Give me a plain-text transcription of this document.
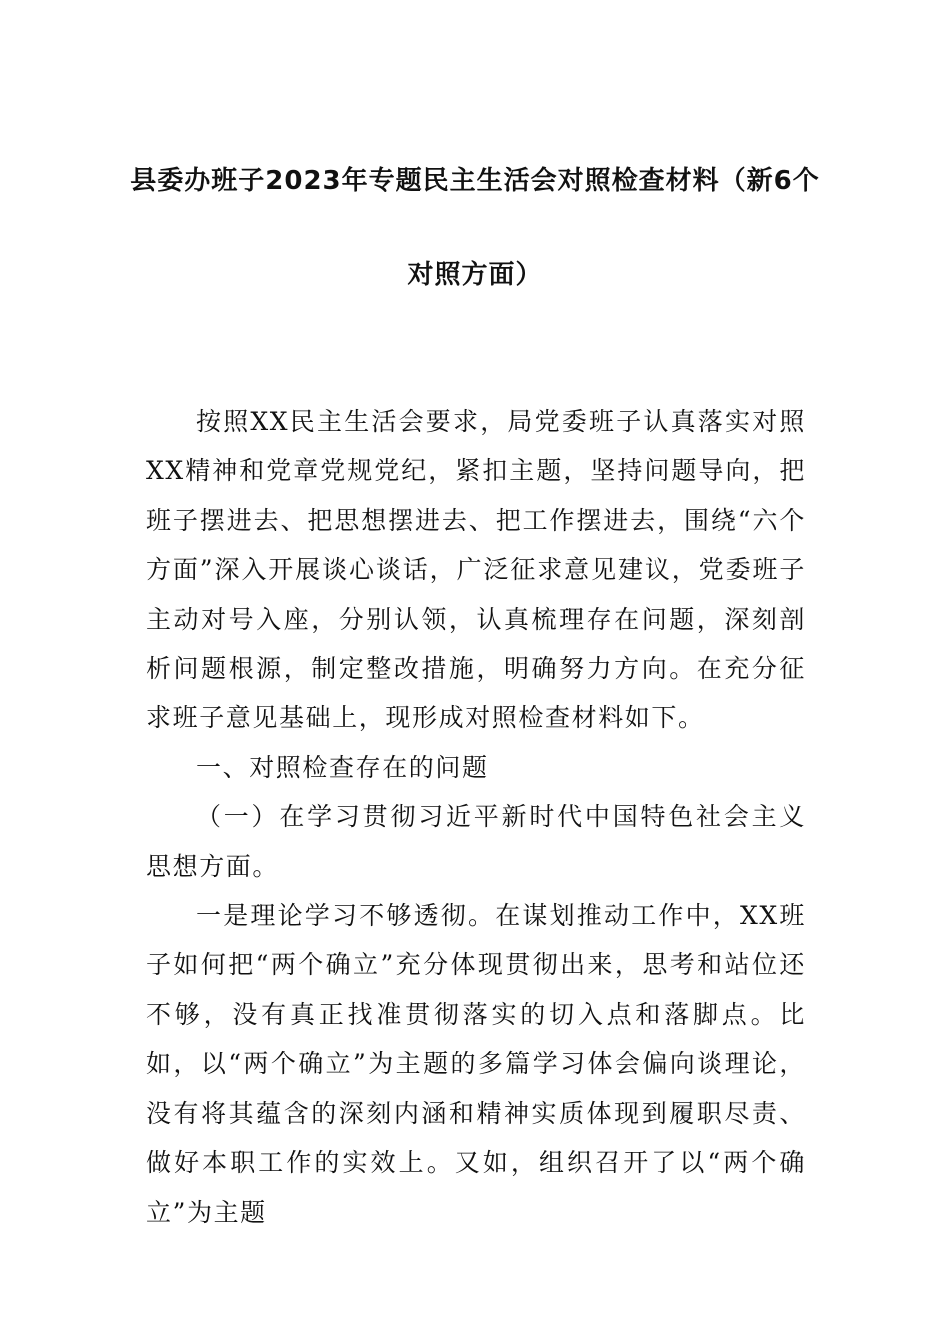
县委办班子2023年专题民主生活会对照检查材料（新6个
对照方面）

按照XX民主生活会要求，局党委班子认真落实对照XX精神和党章党规党纪，紧扣主题，坚持问题导向，把班子摆进去、把思想摆进去、把工作摆进去，围绕“六个方面”深入开展谈心谈话，广泛征求意见建议，党委班子主动对号入座，分别认领，认真梳理存在问题，深刻剖析问题根源，制定整改措施，明确努力方向。在充分征求班子意见基础上，现形成对照检查材料如下。

一、对照检查存在的问题

（一）在学习贯彻习近平新时代中国特色社会主义思想方面。

一是理论学习不够透彻。在谋划推动工作中，XX班子如何把“两个确立”充分体现贯彻出来，思考和站位还不够，没有真正找准贯彻落实的切入点和落脚点。比如，以“两个确立”为主题的多篇学习体会偏向谈理论，没有将其蕴含的深刻内涵和精神实质体现到履职尽责、做好本职工作的实效上。又如，组织召开了以“两个确立”为主题
